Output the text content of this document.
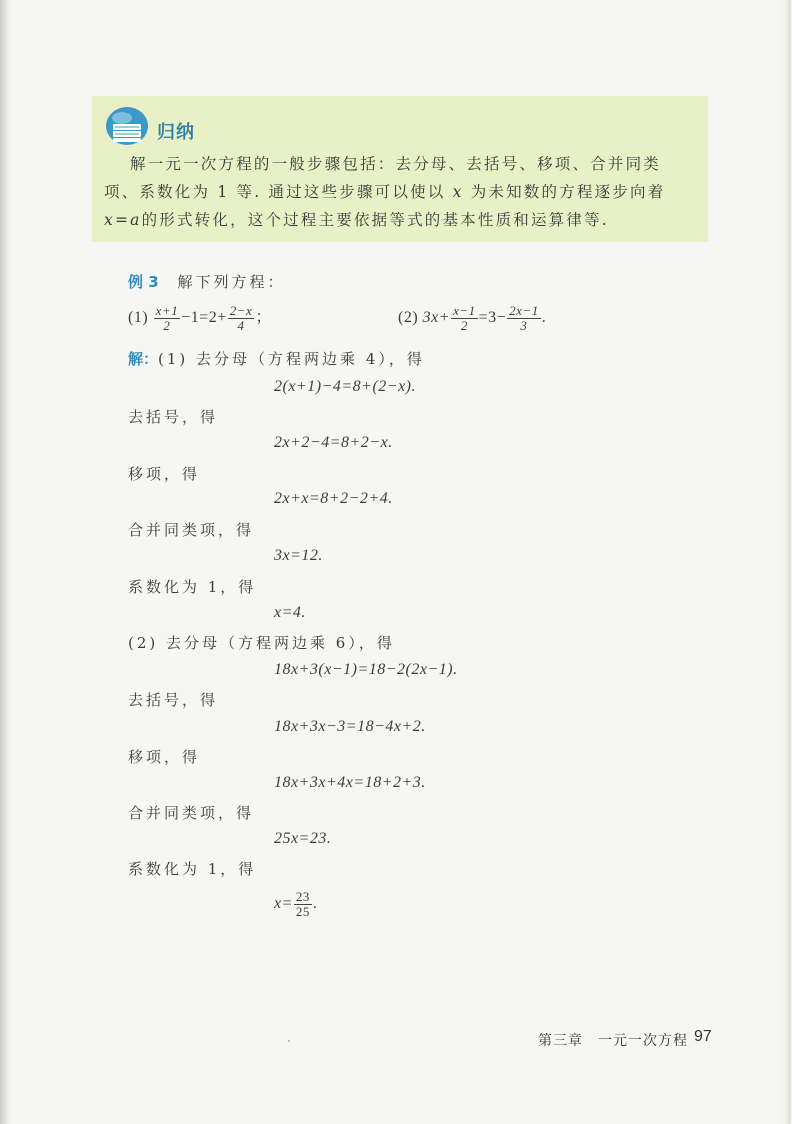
归纳
解一元一次方程的一般步骤包括：去分母、去括号、移项、合并同类
项、系数化为 1 等. 通过这些步骤可以使以 x 为未知数的方程逐步向着
x=a的形式转化，这个过程主要依据等式的基本性质和运算律等.
例 3 解下列方程：
$(1) \frac{x+1}{2} -1=2+ \frac{2-x}{4}$ ；	(2) $3x+ \frac{x-1}{2} =3- \frac{2x-1}{3}$ .
解：(1) 去分母（方程两边乘 4），得
2(x+1)−4=8+(2−x).
去括号，得
2x+2−4=8+2−x.
移项，得
2x+x=8+2−2+4.
合并同类项，得
3x=12.
系数化为 1，得
x=4.
(2) 去分母（方程两边乘 6），得
18x+3(x−1)=18−2(2x−1).
去括号，得
18x+3x−3=18−4x+2.
移项，得
18x+3x+4x=18+2+3.
合并同类项，得
25x=23.
系数化为 1，得
$x= \frac{23}{25}$ .
第三章　一元一次方程 97
